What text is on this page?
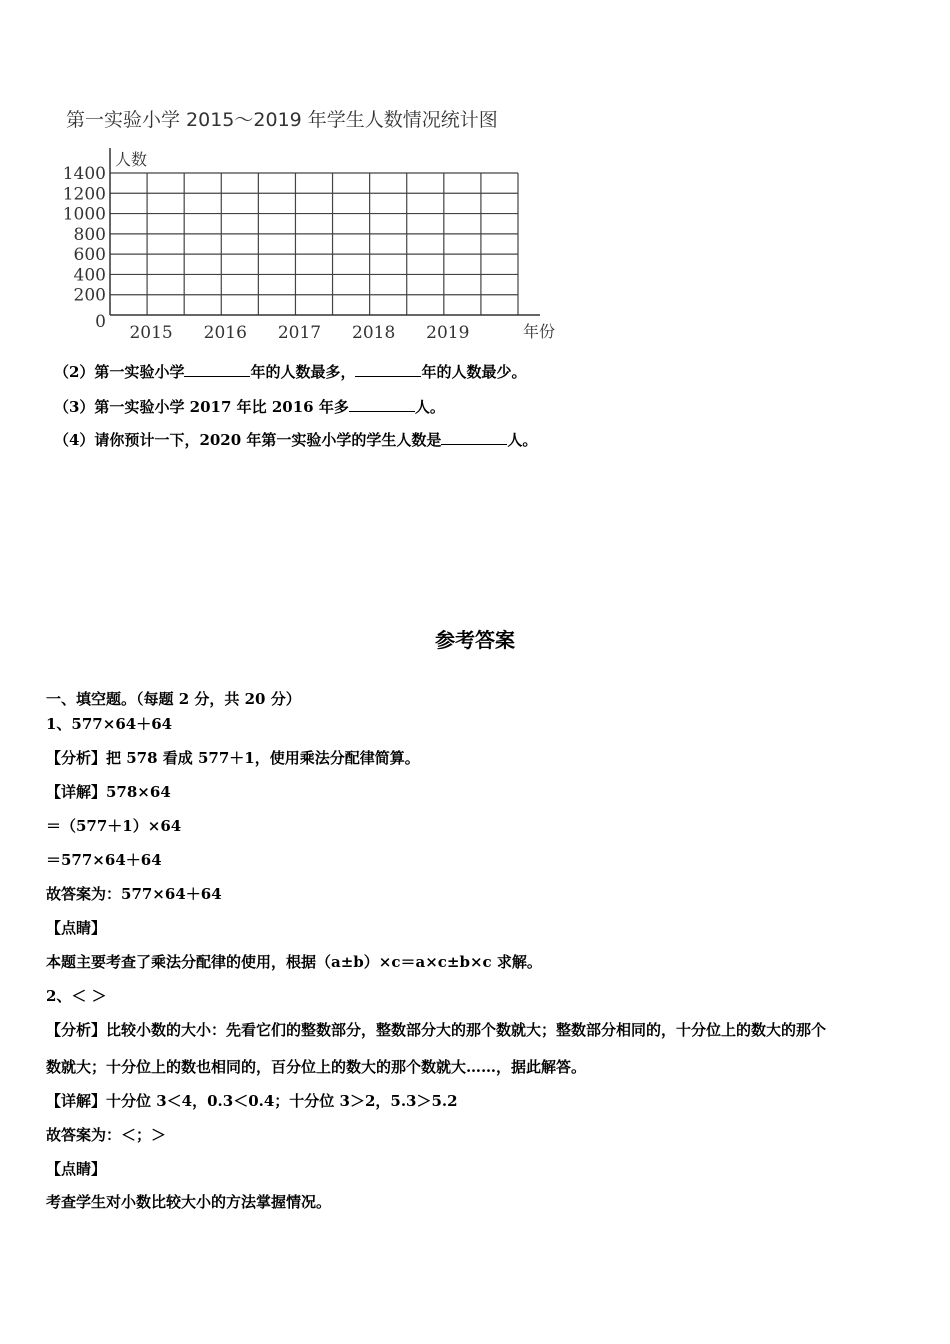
第一实验小学 2015～2019 年学生人数情况统计图
0
200
400
600
800
1000
1200
1400
2015 2016 2017 2018 2019
人数
年份
（2）第一实验小学	年的人数最多，	年的人数最少。
（3）第一实验小学 2017 年比 2016 年多	人。
（4）请你预计一下，2020 年第一实验小学的学生人数是	人。
参考答案
一、填空题。（每题 2 分，共 20 分）
1、577×64＋64
【分析】把 578 看成 577＋1，使用乘法分配律简算。
【详解】578×64
＝（577＋1）×64
＝577×64＋64
故答案为：577×64＋64
【点睛】
本题主要考查了乘法分配律的使用，根据（a±b）×c＝a×c±b×c 求解。
2、＜ ＞
【分析】比较小数的大小：先看它们的整数部分，整数部分大的那个数就大；整数部分相同的，十分位上的数大的那个
数就大；十分位上的数也相同的，百分位上的数大的那个数就大……，据此解答。
【详解】十分位 3＜4，0.3＜0.4；十分位 3＞2，5.3＞5.2
故答案为：＜；＞
【点睛】
考查学生对小数比较大小的方法掌握情况。
